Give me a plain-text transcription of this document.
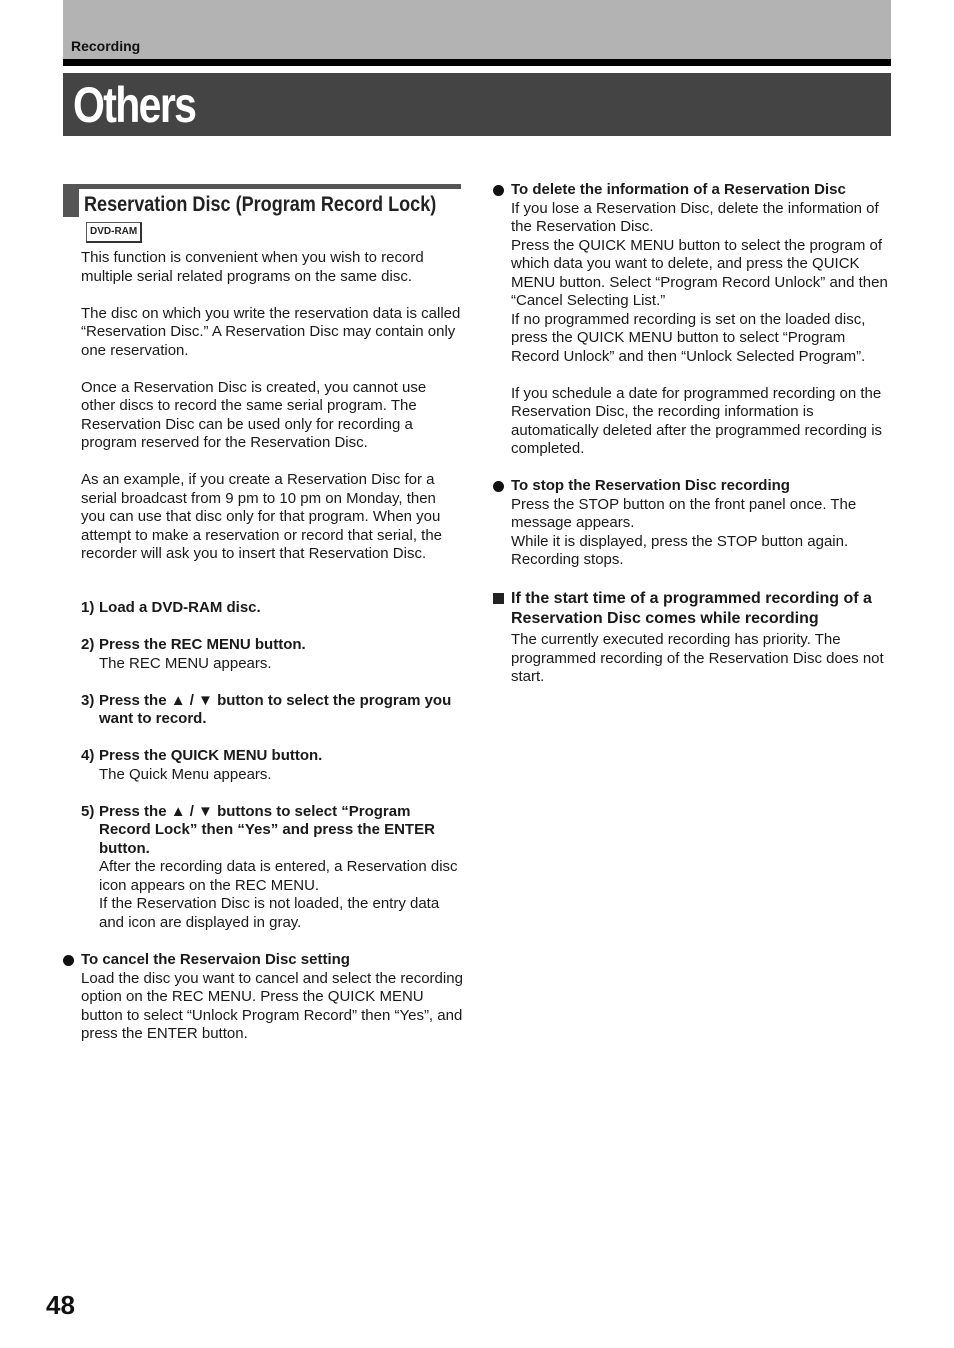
Recording
Others
Reservation Disc (Program Record Lock)
DVD-RAM

This function is convenient when you wish to record multiple serial related programs on the same disc.

The disc on which you write the reservation data is called “Reservation Disc.” A Reservation Disc may contain only one reservation.

Once a Reservation Disc is created, you cannot use other discs to record the same serial program. The Reservation Disc can be used only for recording a program reserved for the Reservation Disc.

As an example, if you create a Reservation Disc for a serial broadcast from 9 pm to 10 pm on Monday, then you can use that disc only for that program. When you attempt to make a reservation or record that serial, the recorder will ask you to insert that Reservation Disc.

1) Load a DVD-RAM disc.
2) Press the REC MENU button.
The REC MENU appears.
3) Press the ▲ / ▼ button to select the program you want to record.
4) Press the QUICK MENU button.
The Quick Menu appears.
5) Press the ▲ / ▼ buttons to select “Program Record Lock” then “Yes” and press the ENTER button.
After the recording data is entered, a Reservation disc icon appears on the REC MENU.
If the Reservation Disc is not loaded, the entry data and icon are displayed in gray.
To cancel the Reservaion Disc setting
Load the disc you want to cancel and select the recording option on the REC MENU. Press the QUICK MENU button to select “Unlock Program Record” then “Yes”, and press the ENTER button.
To delete the information of a Reservation Disc
If you lose a Reservation Disc, delete the information of the Reservation Disc.
Press the QUICK MENU button to select the program of which data you want to delete, and press the QUICK MENU button. Select “Program Record Unlock” and then “Cancel Selecting List.”
If no programmed recording is set on the loaded disc, press the QUICK MENU button to select “Program Record Unlock” and then “Unlock Selected Program”.
If you schedule a date for programmed recording on the Reservation Disc, the recording information is automatically deleted after the programmed recording is completed.
To stop the Reservation Disc recording
Press the STOP button on the front panel once. The message appears.
While it is displayed, press the STOP button again. Recording stops.
If the start time of a programmed recording of a Reservation Disc comes while recording
The currently executed recording has priority. The programmed recording of the Reservation Disc does not start.
48
